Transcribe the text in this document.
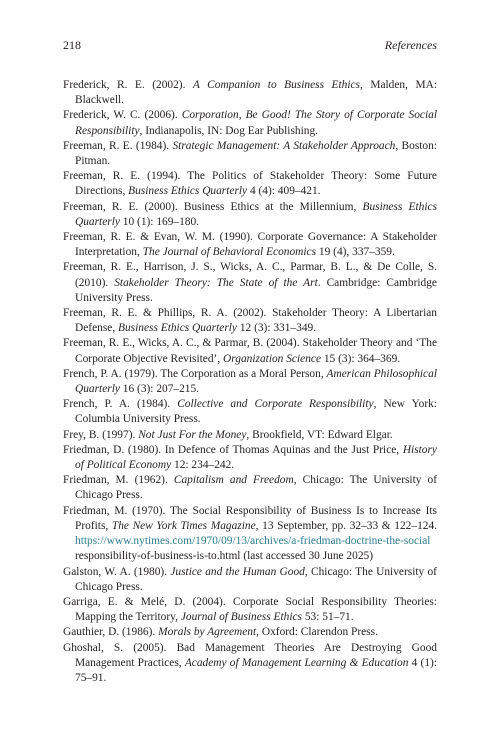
218	References
Frederick, R. E. (2002). A Companion to Business Ethics, Malden, MA: Blackwell.
Frederick, W. C. (2006). Corporation, Be Good! The Story of Corporate Social Responsibility, Indianapolis, IN: Dog Ear Publishing.
Freeman, R. E. (1984). Strategic Management: A Stakeholder Approach, Boston: Pitman.
Freeman, R. E. (1994). The Politics of Stakeholder Theory: Some Future Directions, Business Ethics Quarterly 4 (4): 409–421.
Freeman, R. E. (2000). Business Ethics at the Millennium, Business Ethics Quarterly 10 (1): 169–180.
Freeman, R. E. & Evan, W. M. (1990). Corporate Governance: A Stakeholder Interpretation, The Journal of Behavioral Economics 19 (4), 337–359.
Freeman, R. E., Harrison, J. S., Wicks, A. C., Parmar, B. L., & De Colle, S. (2010). Stakeholder Theory: The State of the Art. Cambridge: Cambridge University Press.
Freeman, R. E. & Phillips, R. A. (2002). Stakeholder Theory: A Libertarian Defense, Business Ethics Quarterly 12 (3): 331–349.
Freeman, R. E., Wicks, A. C., & Parmar, B. (2004). Stakeholder Theory and ‘The Corporate Objective Revisited’, Organization Science 15 (3): 364–369.
French, P. A. (1979). The Corporation as a Moral Person, American Philosophical Quarterly 16 (3): 207–215.
French, P. A. (1984). Collective and Corporate Responsibility, New York: Columbia University Press.
Frey, B. (1997). Not Just For the Money, Brookfield, VT: Edward Elgar.
Friedman, D. (1980). In Defence of Thomas Aquinas and the Just Price, History of Political Economy 12: 234–242.
Friedman, M. (1962). Capitalism and Freedom, Chicago: The University of Chicago Press.
Friedman, M. (1970). The Social Responsibility of Business Is to Increase Its Profits, The New York Times Magazine, 13 September, pp. 32–33 & 122–124. https://www.nytimes.com/1970/09/13/archives/a-friedman-doctrine-the-social responsibility-of-business-is-to.html (last accessed 30 June 2025)
Galston, W. A. (1980). Justice and the Human Good, Chicago: The University of Chicago Press.
Garriga, E. & Melé, D. (2004). Corporate Social Responsibility Theories: Mapping the Territory, Journal of Business Ethics 53: 51–71.
Gauthier, D. (1986). Morals by Agreement, Oxford: Clarendon Press.
Ghoshal, S. (2005). Bad Management Theories Are Destroying Good Management Practices, Academy of Management Learning & Education 4 (1): 75–91.
